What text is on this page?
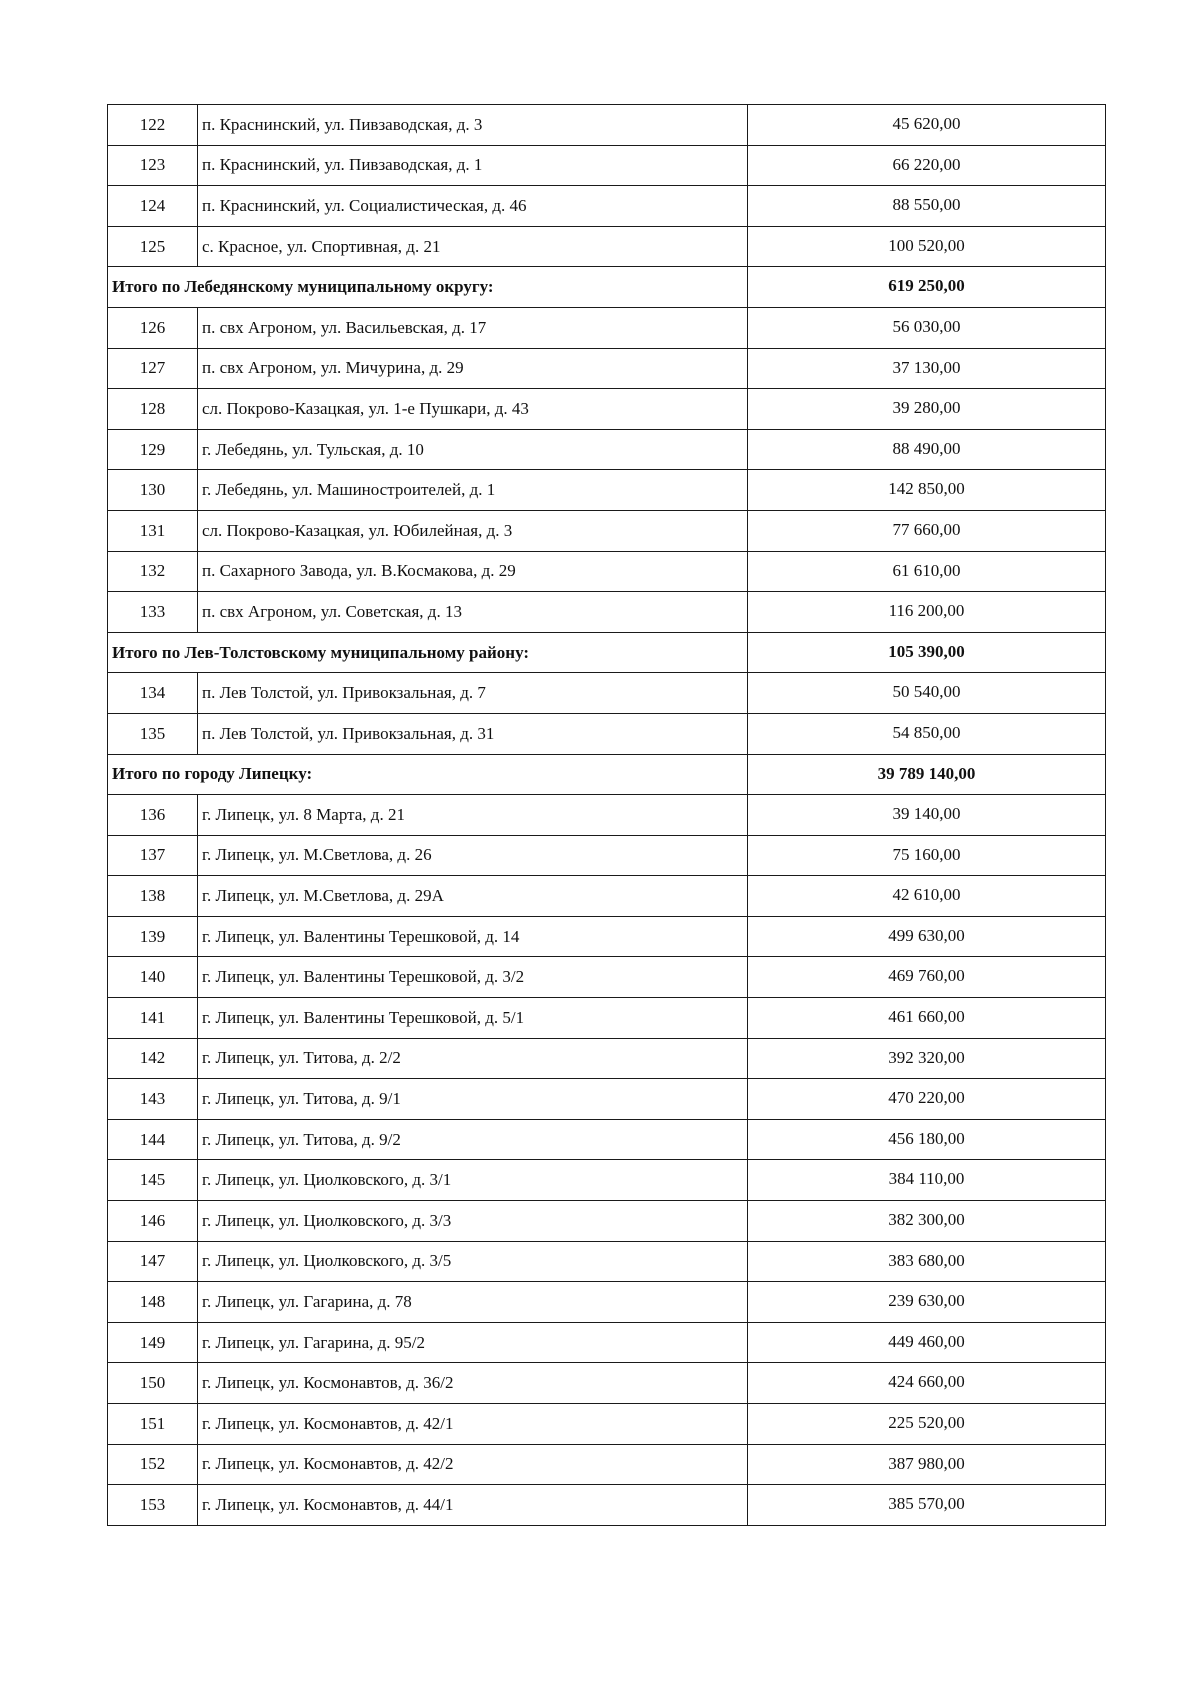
122	п. Краснинский, ул. Пивзаводская, д. 3	45 620,00
123	п. Краснинский, ул. Пивзаводская, д. 1	66 220,00
124	п. Краснинский, ул. Социалистическая, д. 46	88 550,00
125	с. Красное, ул. Спортивная, д. 21	100 520,00
Итого по Лебедянскому муниципальному округу:		619 250,00
126	п. свх Агроном, ул. Васильевская, д. 17	56 030,00
127	п. свх Агроном, ул. Мичурина, д. 29	37 130,00
128	сл. Покрово-Казацкая, ул. 1-е Пушкари, д. 43	39 280,00
129	г. Лебедянь, ул. Тульская, д. 10	88 490,00
130	г. Лебедянь, ул. Машиностроителей, д. 1	142 850,00
131	сл. Покрово-Казацкая, ул. Юбилейная, д. 3	77 660,00
132	п. Сахарного Завода, ул. В.Космакова, д. 29	61 610,00
133	п. свх Агроном, ул. Советская, д. 13	116 200,00
Итого по Лев-Толстовскому муниципальному району:		105 390,00
134	п. Лев Толстой, ул. Привокзальная, д. 7	50 540,00
135	п. Лев Толстой, ул. Привокзальная, д. 31	54 850,00
Итого по городу Липецку:		39 789 140,00
136	г. Липецк, ул. 8 Марта, д. 21	39 140,00
137	г. Липецк, ул. М.Светлова, д. 26	75 160,00
138	г. Липецк, ул. М.Светлова, д. 29А	42 610,00
139	г. Липецк, ул. Валентины Терешковой, д. 14	499 630,00
140	г. Липецк, ул. Валентины Терешковой, д. 3/2	469 760,00
141	г. Липецк, ул. Валентины Терешковой, д. 5/1	461 660,00
142	г. Липецк, ул. Титова, д. 2/2	392 320,00
143	г. Липецк, ул. Титова, д. 9/1	470 220,00
144	г. Липецк, ул. Титова, д. 9/2	456 180,00
145	г. Липецк, ул. Циолковского, д. 3/1	384 110,00
146	г. Липецк, ул. Циолковского, д. 3/3	382 300,00
147	г. Липецк, ул. Циолковского, д. 3/5	383 680,00
148	г. Липецк, ул. Гагарина, д. 78	239 630,00
149	г. Липецк, ул. Гагарина, д. 95/2	449 460,00
150	г. Липецк, ул. Космонавтов, д. 36/2	424 660,00
151	г. Липецк, ул. Космонавтов, д. 42/1	225 520,00
152	г. Липецк, ул. Космонавтов, д. 42/2	387 980,00
153	г. Липецк, ул. Космонавтов, д. 44/1	385 570,00
